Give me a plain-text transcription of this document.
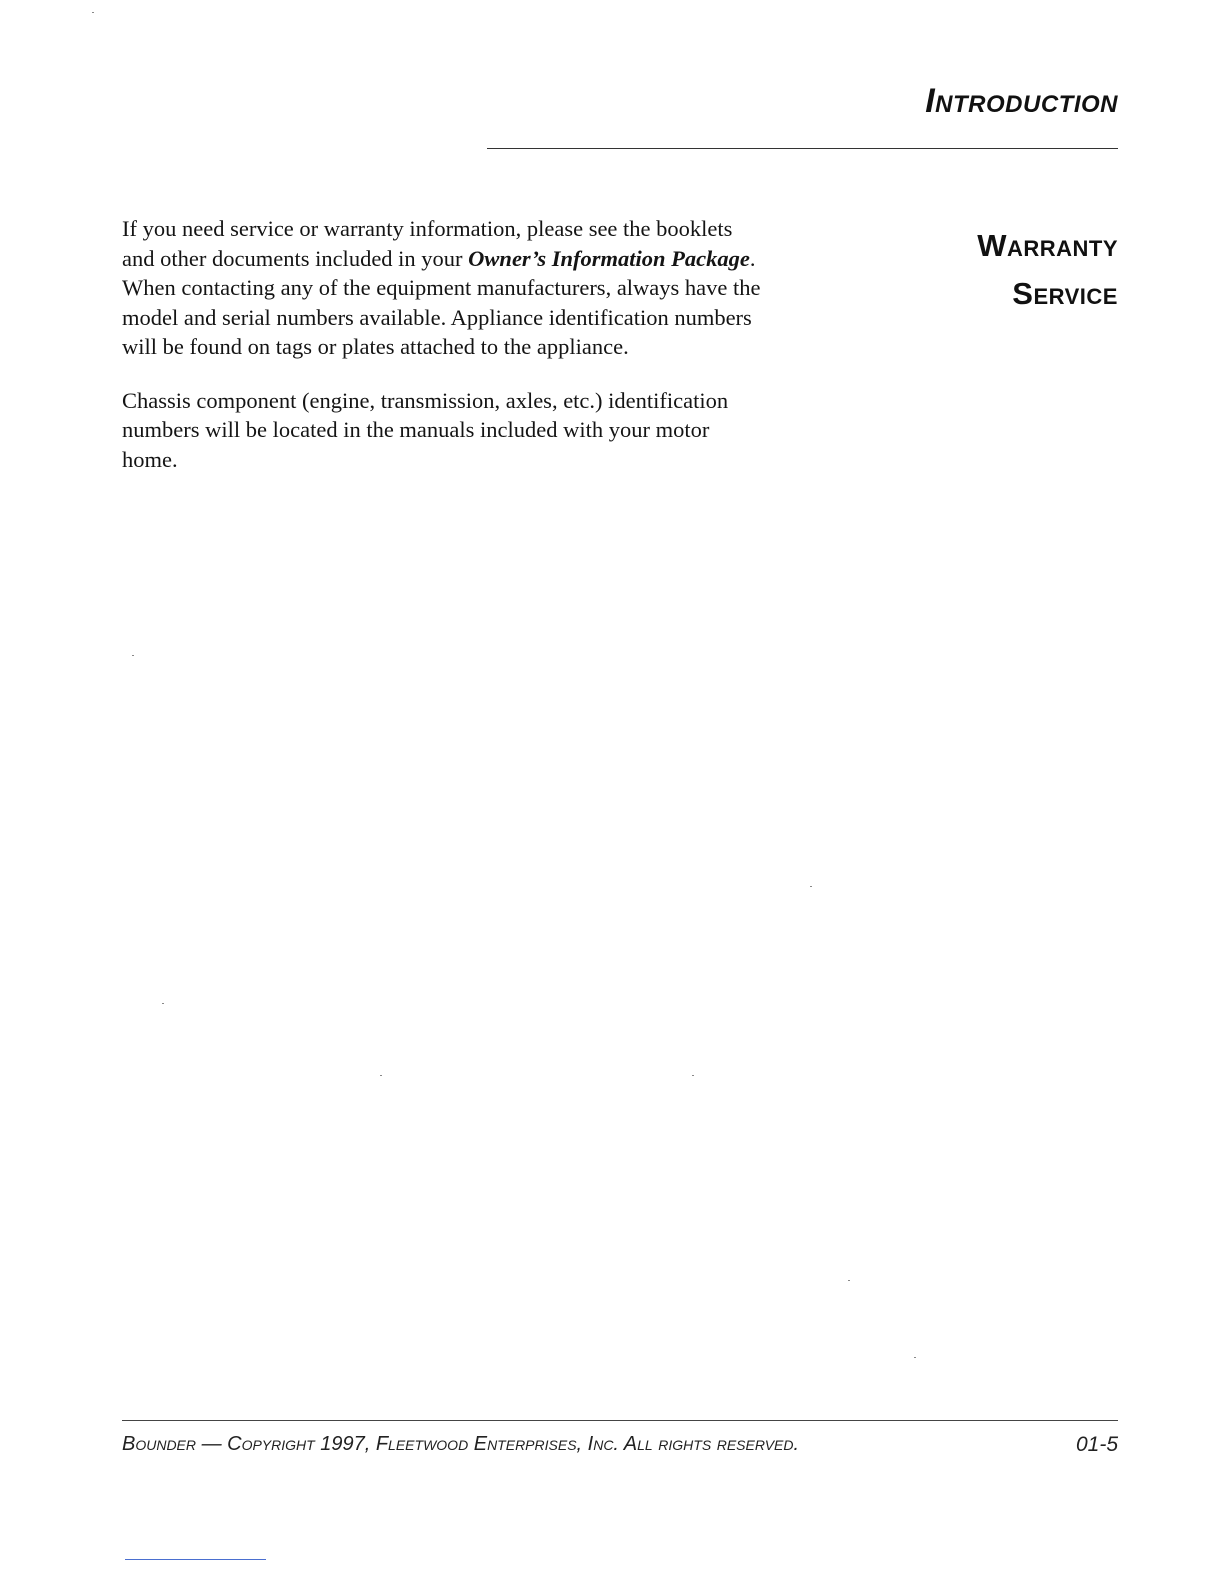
Introduction
Warranty
Service

If you need service or warranty information, please see the booklets and other documents included in your Owner’s Information Package. When contacting any of the equipment manufacturers, always have the model and serial numbers available. Appliance identification numbers will be found on tags or plates attached to the appliance.

Chassis component (engine, transmission, axles, etc.) identification numbers will be located in the manuals included with your motor home.

Bounder — Copyright 1997, Fleetwood Enterprises, Inc. All rights reserved.	01-5
